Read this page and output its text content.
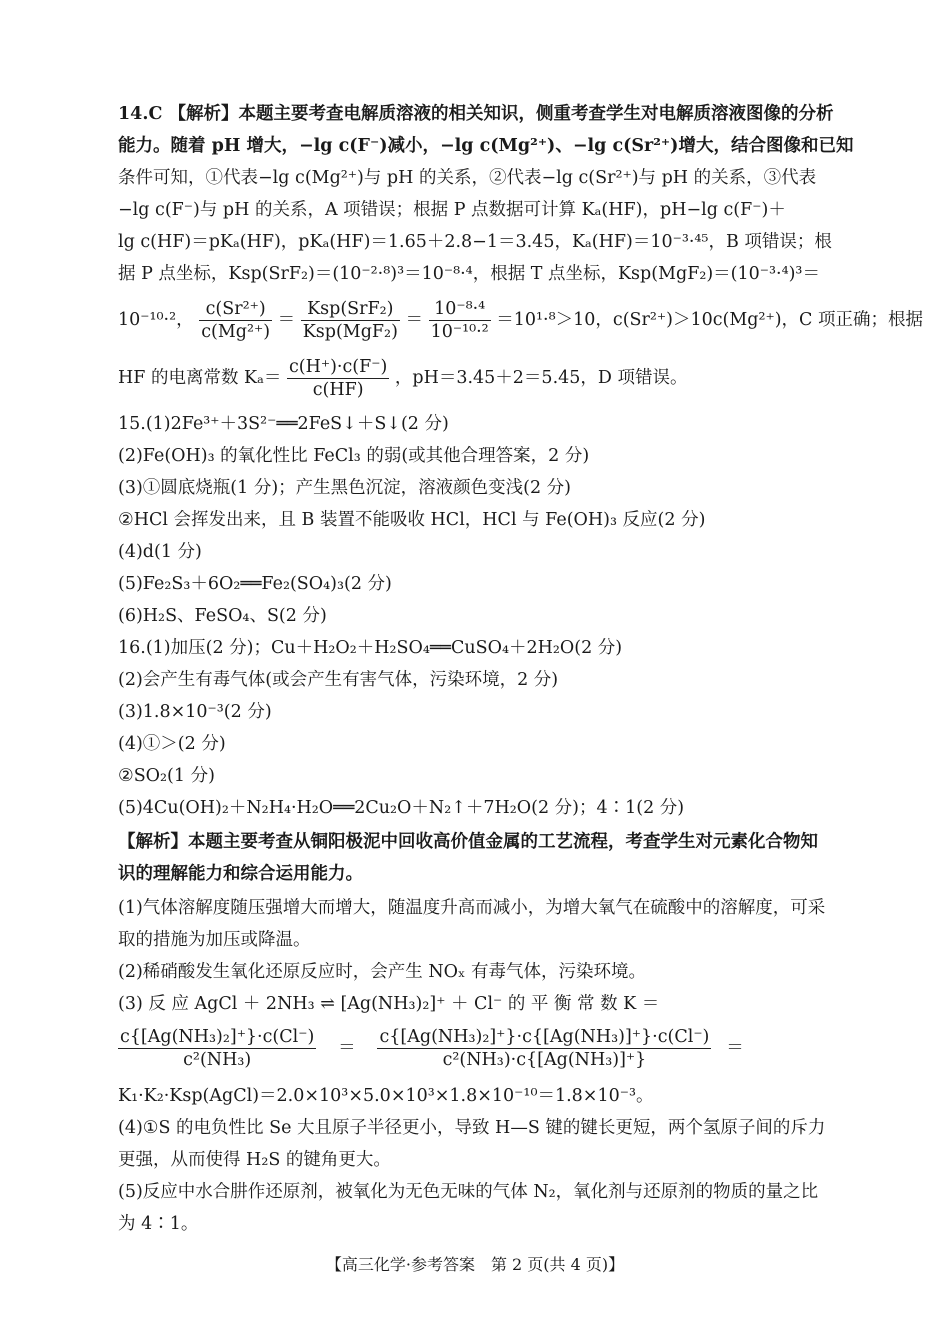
14.C 【解析】本题主要考查电解质溶液的相关知识，侧重考查学生对电解质溶液图像的分析
能力。随着 pH 增大，−lg c(F⁻)减小，−lg c(Mg²⁺)、−lg c(Sr²⁺)增大，结合图像和已知
条件可知，①代表−lg c(Mg²⁺)与 pH 的关系，②代表−lg c(Sr²⁺)与 pH 的关系，③代表
−lg c(F⁻)与 pH 的关系，A 项错误；根据 P 点数据可计算 Kₐ(HF)，pH−lg c(F⁻)＋
lg c(HF)＝pKₐ(HF)，pKₐ(HF)＝1.65＋2.8−1＝3.45，Kₐ(HF)＝10⁻³·⁴⁵，B 项错误；根
据 P 点坐标，Ksp(SrF₂)＝(10⁻²·⁸)³＝10⁻⁸·⁴，根据 T 点坐标，Ksp(MgF₂)＝(10⁻³·⁴)³＝
10⁻¹⁰·²， $\frac{\text{c(Sr²⁺)}}{\text{c(Mg²⁺)}} = \frac{\text{Ksp(SrF₂)}}{\text{Ksp(MgF₂)}} = \frac{\text{10⁻⁸·⁴}}{\text{10⁻¹⁰·²}} =10^1\cdot^8>10$，c(Sr²⁺)＞10c(Mg²⁺)，C 项正确；根据
HF 的电离常数 $K_a= \frac{c(H^+)\cdot c(F^-)}{c(HF)}$ ，pH＝3.45＋2＝5.45，D 项错误。
15.(1)2Fe³⁺＋3S²⁻══2FeS↓＋S↓(2 分)
(2)Fe(OH)₃ 的氧化性比 FeCl₃ 的弱(或其他合理答案，2 分)
(3)①圆底烧瓶(1 分)；产生黑色沉淀，溶液颜色变浅(2 分)
②HCl 会挥发出来，且 B 装置不能吸收 HCl，HCl 与 Fe(OH)₃ 反应(2 分)
(4)d(1 分)
(5)Fe₂S₃＋6O₂══Fe₂(SO₄)₃(2 分)
(6)H₂S、FeSO₄、S(2 分)
16.(1)加压(2 分)；Cu＋H₂O₂＋H₂SO₄══CuSO₄＋2H₂O(2 分)
(2)会产生有毒气体(或会产生有害气体，污染环境，2 分)
(3)1.8×10⁻³(2 分)
(4)①＞(2 分)
②SO₂(1 分)
(5)4Cu(OH)₂＋N₂H₄·H₂O══2Cu₂O＋N₂↑＋7H₂O(2 分)；4∶1(2 分)
【解析】本题主要考查从铜阳极泥中回收高价值金属的工艺流程，考查学生对元素化合物知
识的理解能力和综合运用能力。
(1)气体溶解度随压强增大而增大，随温度升高而减小，为增大氧气在硫酸中的溶解度，可采
取的措施为加压或降温。
(2)稀硝酸发生氧化还原反应时，会产生 NOₓ 有毒气体，污染环境。
(3) 反 应 AgCl ＋ 2NH₃ ⇌ [Ag(NH₃)₂]⁺ ＋ Cl⁻ 的 平 衡 常 数 K ＝
$\frac{\text{c\{[Ag(NH₃)₂]⁺\}·c(Cl⁻)}}{\text{c²(NH₃)}} = \frac{\text{c\{[Ag(NH₃)₂]⁺\}·c\{[Ag(NH₃)]⁺\}·c(Cl⁻)}}{\text{c²(NH₃)·c\{[Ag(NH₃)]⁺\}}}$ ＝
K₁·K₂·Ksp(AgCl)＝2.0×10³×5.0×10³×1.8×10⁻¹⁰＝1.8×10⁻³。
(4)①S 的电负性比 Se 大且原子半径更小，导致 H—S 键的键长更短，两个氢原子间的斥力
更强，从而使得 H₂S 的键角更大。
(5)反应中水合肼作还原剂，被氧化为无色无味的气体 N₂，氧化剂与还原剂的物质的量之比
为 4∶1。
【高三化学·参考答案　第 2 页(共 4 页)】
